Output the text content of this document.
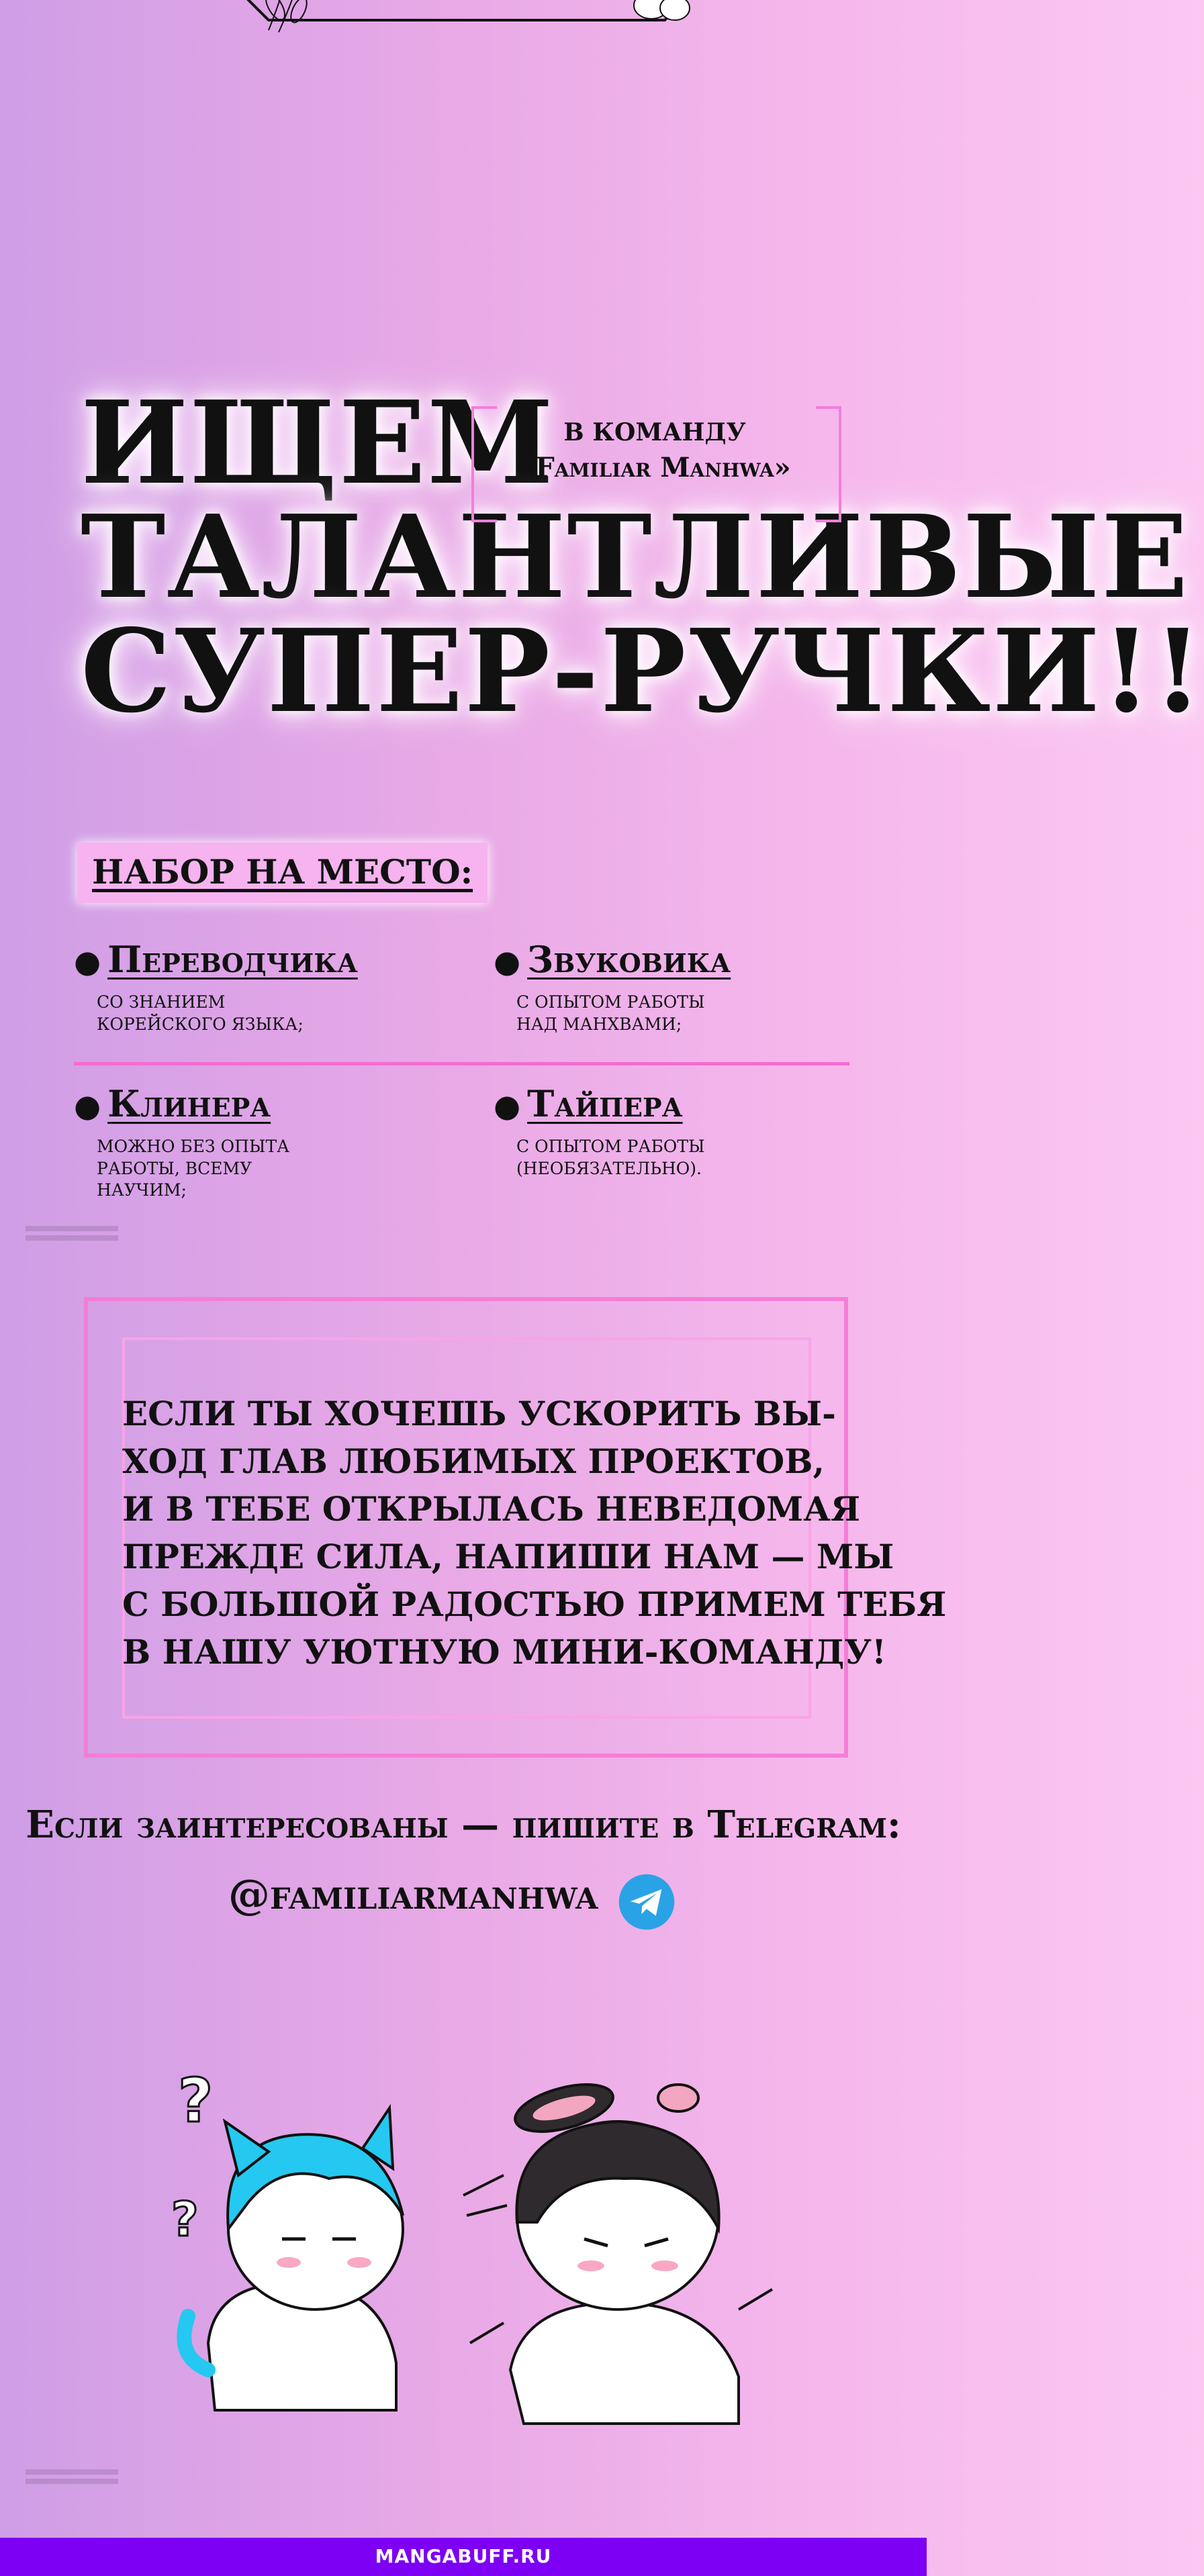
ИЩЕМ
ТАЛАНТЛИВЫЕ
СУПЕР-РУЧКИ!!
В КОМАНДУ
«Familiar Manhwa»
НАБОР НА МЕСТО:
● Переводчика
СО ЗНАНИЕМ
КОРЕЙСКОГО ЯЗЫКА;
● Звуковика
С ОПЫТОМ РАБОТЫ
НАД МАНХВАМИ;
● Клинера
МОЖНО БЕЗ ОПЫТА
РАБОТЫ, ВСЕМУ
НАУЧИМ;
● Тайпера
С ОПЫТОМ РАБОТЫ
(НЕОБЯЗАТЕЛЬНО).
ЕСЛИ ТЫ ХОЧЕШЬ УСКОРИТЬ ВЫ-
ХОД ГЛАВ ЛЮБИМЫХ ПРОЕКТОВ,
И В ТЕБЕ ОТКРЫЛАСЬ НЕВЕДОМАЯ
ПРЕЖДЕ СИЛА, НАПИШИ НАМ — МЫ
С БОЛЬШОЙ РАДОСТЬЮ ПРИМЕМ ТЕБЯ
В НАШУ УЮТНУЮ МИНИ-КОМАНДУ!
Если заинтересованы — пишите в Telegram:
@familiarmanhwa
?
?
MANGABUFF.RU
